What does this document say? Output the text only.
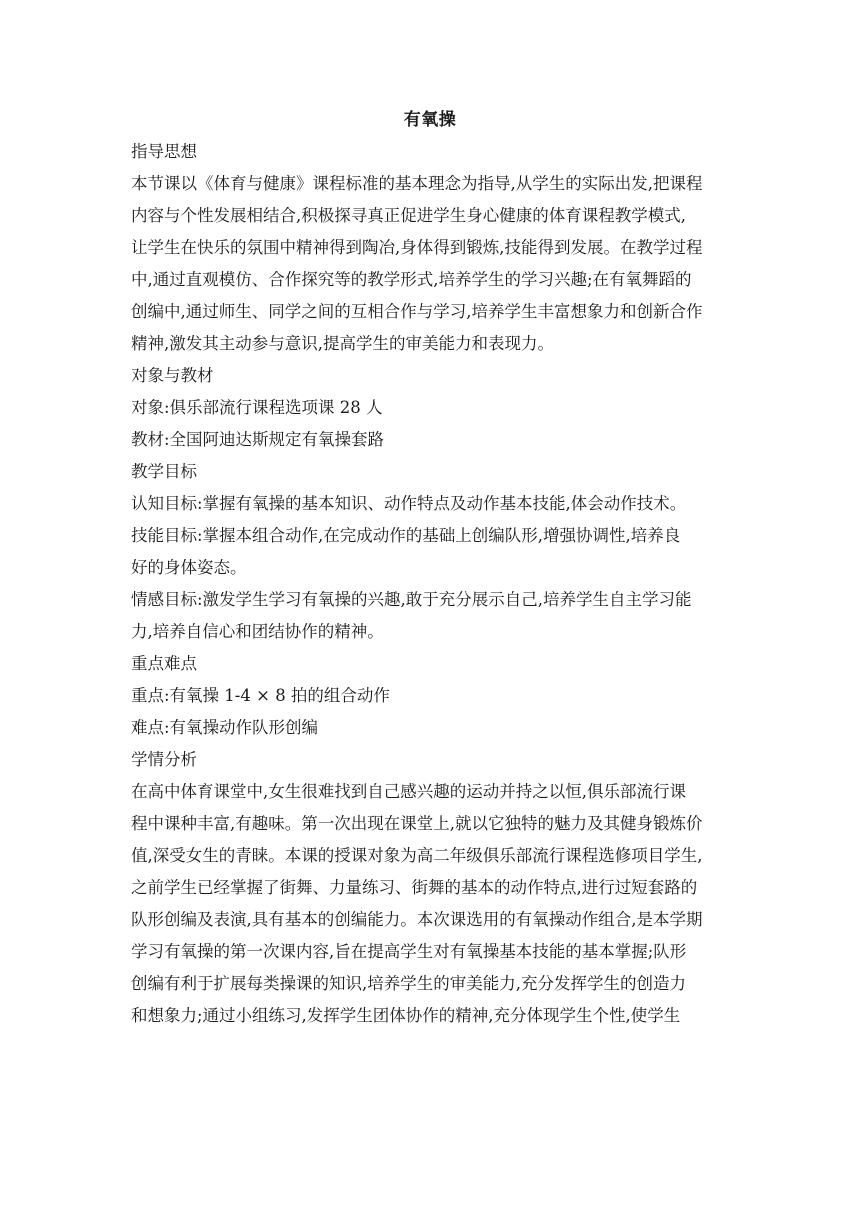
有氧操

指导思想

本节课以《体育与健康》课程标准的基本理念为指导,从学生的实际出发,把课程

内容与个性发展相结合,积极探寻真正促进学生身心健康的体育课程教学模式,

让学生在快乐的氛围中精神得到陶冶,身体得到锻炼,技能得到发展。在教学过程

中,通过直观模仿、合作探究等的教学形式,培养学生的学习兴趣;在有氧舞蹈的

创编中,通过师生、同学之间的互相合作与学习,培养学生丰富想象力和创新合作

精神,激发其主动参与意识,提高学生的审美能力和表现力。

对象与教材

对象:俱乐部流行课程选项课 28 人

教材:全国阿迪达斯规定有氧操套路

教学目标

认知目标:掌握有氧操的基本知识、动作特点及动作基本技能,体会动作技术。

技能目标:掌握本组合动作,在完成动作的基础上创编队形,增强协调性,培养良

好的身体姿态。

情感目标:激发学生学习有氧操的兴趣,敢于充分展示自己,培养学生自主学习能

力,培养自信心和团结协作的精神。

重点难点

重点:有氧操 1-4 × 8 拍的组合动作

难点:有氧操动作队形创编

学情分析

在高中体育课堂中,女生很难找到自己感兴趣的运动并持之以恒,俱乐部流行课

程中课种丰富,有趣味。第一次出现在课堂上,就以它独特的魅力及其健身锻炼价

值,深受女生的青睐。本课的授课对象为高二年级俱乐部流行课程选修项目学生,

之前学生已经掌握了街舞、力量练习、街舞的基本的动作特点,进行过短套路的

队形创编及表演,具有基本的创编能力。本次课选用的有氧操动作组合,是本学期

学习有氧操的第一次课内容,旨在提高学生对有氧操基本技能的基本掌握;队形

创编有利于扩展每类操课的知识,培养学生的审美能力,充分发挥学生的创造力

和想象力;通过小组练习,发挥学生团体协作的精神,充分体现学生个性,使学生
